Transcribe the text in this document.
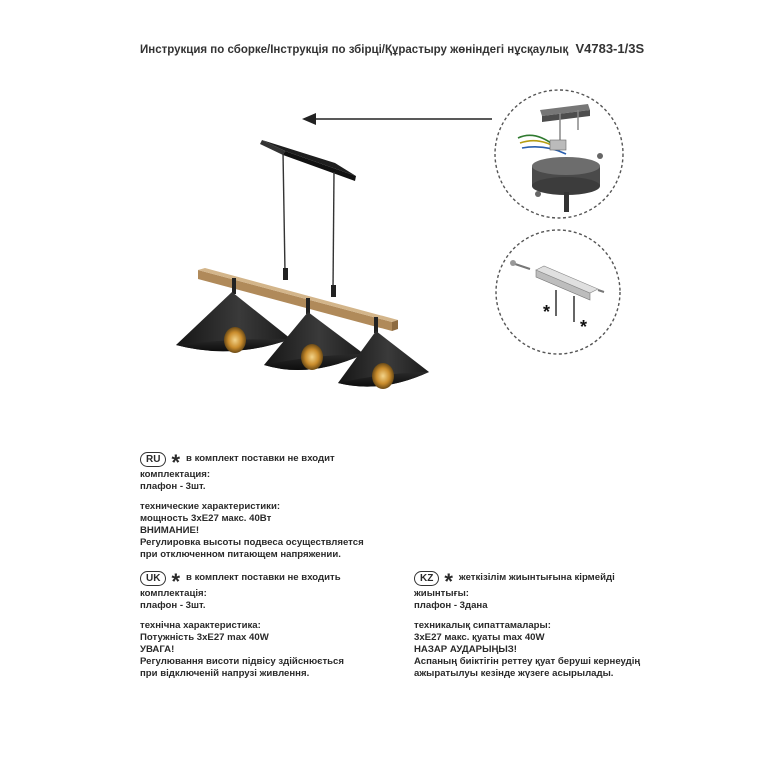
Инструкция по сборке/Інструкція по збірці/Құрастыру жөніндегі нұсқаулық V4783-1/3S
*
*
RU * в комплект поставки не входит

комплектация:

плафон - 3шт.

технические характеристики:

мощность 3хЕ27 макс. 40Вт

ВНИМАНИЕ!

Регулировка высоты подвеса осуществляется

при отключенном питающем напряжении.

UK * в комплект поставки не входить

комплектація:

плафон - 3шт.

технічна характеристика:

Потужність 3хЕ27 max 40W

УВАГА!

Регулювання висоти підвісу здійснюється

при відключеній напрузі живлення.

KZ * жеткізілім жиынтығына кірмейді

жиынтығы:

плафон - 3дана

техникалық сипаттамалары:

3хЕ27 макс. қуаты max 40W

НАЗАР АУДАРЫҢЫЗ!

Аспаның биіктігін реттеу қуат беруші кернеудің

ажыратылуы кезінде жүзеге асырылады.
